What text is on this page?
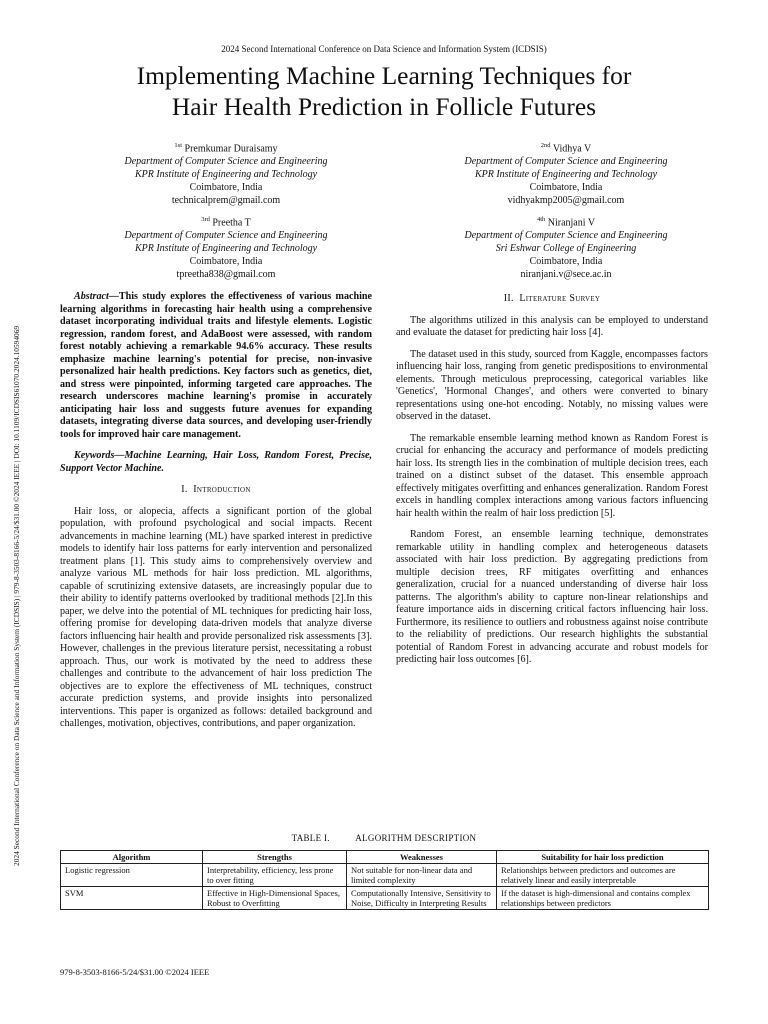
2024 Second International Conference on Data Science and Information System (ICDSIS)
Implementing Machine Learning Techniques for
Hair Health Prediction in Follicle Futures
2024 Second International Conference on Data Science and Information System (ICDSIS) | 979-8-3503-8166-5/24/$31.00 ©2024 IEEE | DOI: 10.1109/ICDSIS61070.2024.10594069
$^{1st}$ Premkumar Duraisamy
Department of Computer Science and Engineering
KPR Institute of Engineering and Technology
Coimbatore, India
technicalprem@gmail.com
$^{2nd}$ Vidhya V
Department of Computer Science and Engineering
KPR Institute of Engineering and Technology
Coimbatore, India
vidhyakmp2005@gmail.com
$^{3rd}$ Preetha T
Department of Computer Science and Engineering
KPR Institute of Engineering and Technology
Coimbatore, India
tpreetha838@gmail.com
$^{4th}$ Niranjani V
Department of Computer Science and Engineering
Sri Eshwar College of Engineering
Coimbatore, India
niranjani.v@sece.ac.in

Abstract—This study explores the effectiveness of various machine learning algorithms in forecasting hair health using a comprehensive dataset incorporating individual traits and lifestyle elements. Logistic regression, random forest, and AdaBoost were assessed, with random forest notably achieving a remarkable 94.6% accuracy. These results emphasize machine learning's potential for precise, non-invasive personalized hair health predictions. Key factors such as genetics, diet, and stress were pinpointed, informing targeted care approaches. The research underscores machine learning's promise in accurately anticipating hair loss and suggests future avenues for expanding datasets, integrating diverse data sources, and developing user-friendly tools for improved hair care management.

Keywords—Machine Learning, Hair Loss, Random Forest, Precise, Support Vector Machine.

I. Introduction

Hair loss, or alopecia, affects a significant portion of the global population, with profound psychological and social impacts. Recent advancements in machine learning (ML) have sparked interest in predictive models to identify hair loss patterns for early intervention and personalized treatment plans [1]. This study aims to comprehensively overview and analyze various ML methods for hair loss prediction. ML algorithms, capable of scrutinizing extensive datasets, are increasingly popular due to their ability to identify patterns overlooked by traditional methods [2].In this paper, we delve into the potential of ML techniques for predicting hair loss, offering promise for developing data-driven models that analyze diverse factors influencing hair health and provide personalized risk assessments [3]. However, challenges in the previous literature persist, necessitating a robust approach. Thus, our work is motivated by the need to address these challenges and contribute to the advancement of hair loss prediction The objectives are to explore the effectiveness of ML techniques, construct accurate prediction systems, and provide insights into personalized interventions. This paper is organized as follows: detailed background and challenges, motivation, objectives, contributions, and paper organization.

II. Literature Survey

The algorithms utilized in this analysis can be employed to understand and evaluate the dataset for predicting hair loss [4].

The dataset used in this study, sourced from Kaggle, encompasses factors influencing hair loss, ranging from genetic predispositions to environmental elements. Through meticulous preprocessing, categorical variables like 'Genetics', 'Hormonal Changes', and others were converted to binary representations using one-hot encoding. Notably, no missing values were observed in the dataset.

The remarkable ensemble learning method known as Random Forest is crucial for enhancing the accuracy and performance of models predicting hair loss. Its strength lies in the combination of multiple decision trees, each trained on a distinct subset of the dataset. This ensemble approach effectively mitigates overfitting and enhances generalization. Random Forest excels in handling complex interactions among various factors influencing hair health within the realm of hair loss prediction [5].

Random Forest, an ensemble learning technique, demonstrates remarkable utility in handling complex and heterogeneous datasets associated with hair loss prediction. By aggregating predictions from multiple decision trees, RF mitigates overfitting and enhances generalization, crucial for a nuanced understanding of diverse hair loss patterns. The algorithm's ability to capture non-linear relationships and feature importance aids in discerning critical factors influencing hair loss. Furthermore, its resilience to outliers and robustness against noise contribute to the reliability of predictions. Our research highlights the substantial potential of Random Forest in advancing accurate and robust models for predicting hair loss outcomes [6].

TABLE I.	ALGORITHM DESCRIPTION
Algorithm	Strengths	Weaknesses	Suitability for hair loss prediction
Logistic regression	Interpretability, efficiency, less prone to over fitting	Not suitable for non-linear data and limited complexity	Relationships between predictors and outcomes are relatively linear and easily interpretable
SVM	Effective in High-Dimensional Spaces, Robust to Overfitting	Computationally Intensive, Sensitivity to Noise, Difficulty in Interpreting Results	If the dataset is high-dimensional and contains complex relationships between predictors
979-8-3503-8166-5/24/$31.00 ©2024 IEEE
